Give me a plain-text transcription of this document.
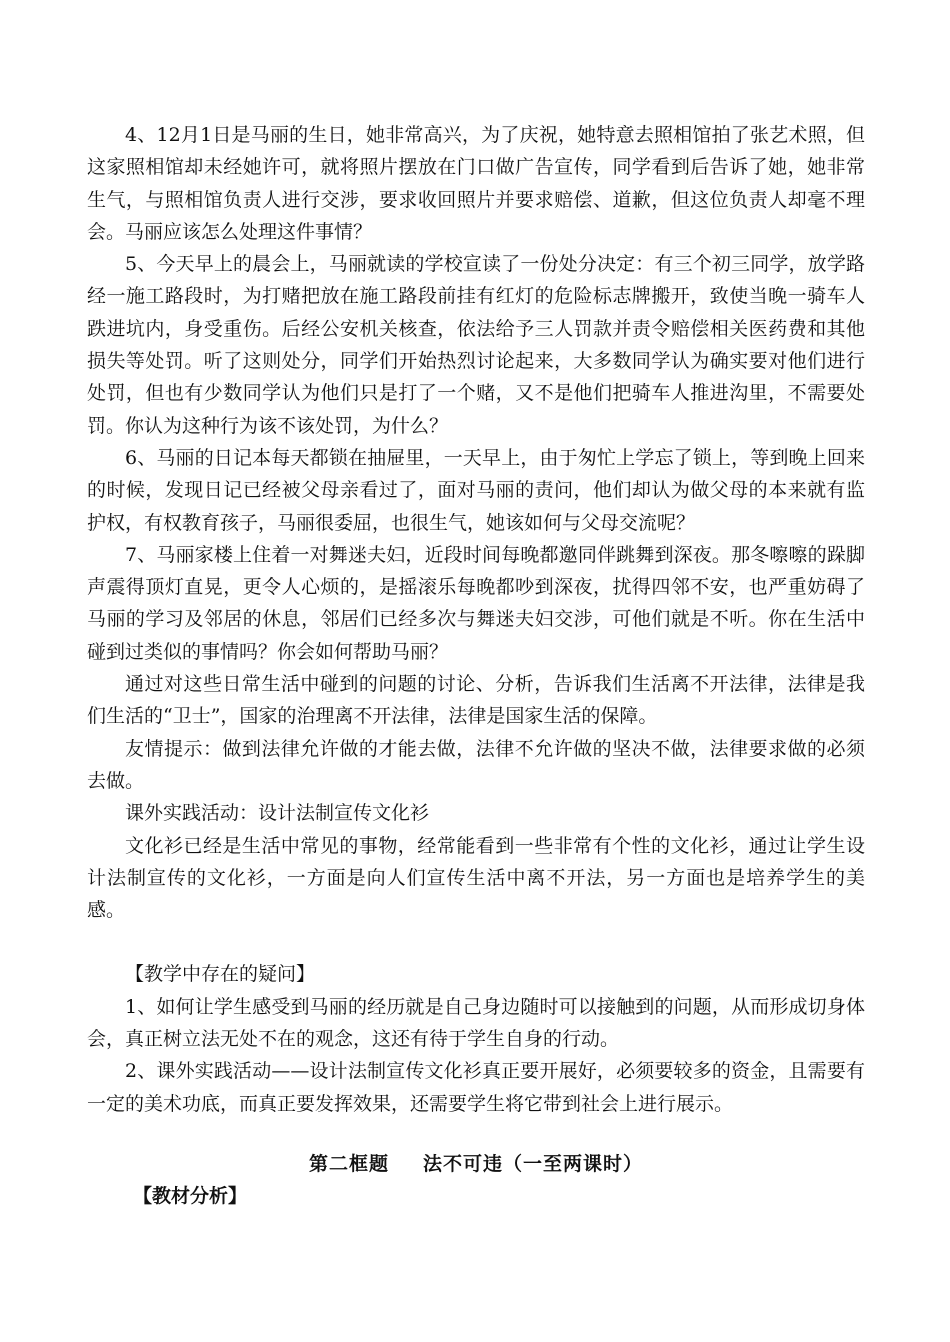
4、12月1日是马丽的生日，她非常高兴，为了庆祝，她特意去照相馆拍了张艺术照，但这家照相馆却未经她许可，就将照片摆放在门口做广告宣传，同学看到后告诉了她，她非常生气，与照相馆负责人进行交涉，要求收回照片并要求赔偿、道歉，但这位负责人却毫不理会。马丽应该怎么处理这件事情？

5、今天早上的晨会上，马丽就读的学校宣读了一份处分决定：有三个初三同学，放学路经一施工路段时，为打赌把放在施工路段前挂有红灯的危险标志牌搬开，致使当晚一骑车人跌进坑内，身受重伤。后经公安机关核查，依法给予三人罚款并责令赔偿相关医药费和其他损失等处罚。听了这则处分，同学们开始热烈讨论起来，大多数同学认为确实要对他们进行处罚，但也有少数同学认为他们只是打了一个赌，又不是他们把骑车人推进沟里，不需要处罚。你认为这种行为该不该处罚，为什么？

6、马丽的日记本每天都锁在抽屉里，一天早上，由于匆忙上学忘了锁上，等到晚上回来的时候，发现日记已经被父母亲看过了，面对马丽的责问，他们却认为做父母的本来就有监护权，有权教育孩子，马丽很委屈，也很生气，她该如何与父母交流呢？

7、马丽家楼上住着一对舞迷夫妇，近段时间每晚都邀同伴跳舞到深夜。那冬嚓嚓的跺脚声震得顶灯直晃，更令人心烦的，是摇滚乐每晚都吵到深夜，扰得四邻不安，也严重妨碍了马丽的学习及邻居的休息，邻居们已经多次与舞迷夫妇交涉，可他们就是不听。你在生活中碰到过类似的事情吗？你会如何帮助马丽？

通过对这些日常生活中碰到的问题的讨论、分析，告诉我们生活离不开法律，法律是我们生活的“卫士”，国家的治理离不开法律，法律是国家生活的保障。

友情提示：做到法律允许做的才能去做，法律不允许做的坚决不做，法律要求做的必须去做。

课外实践活动：设计法制宣传文化衫

文化衫已经是生活中常见的事物，经常能看到一些非常有个性的文化衫，通过让学生设计法制宣传的文化衫，一方面是向人们宣传生活中离不开法，另一方面也是培养学生的美感。

【教学中存在的疑问】

1、如何让学生感受到马丽的经历就是自己身边随时可以接触到的问题，从而形成切身体会，真正树立法无处不在的观念，这还有待于学生自身的行动。

2、课外实践活动——设计法制宣传文化衫真正要开展好，必须要较多的资金，且需要有一定的美术功底，而真正要发挥效果，还需要学生将它带到社会上进行展示。

第二框题 法不可违（一至两课时）

【教材分析】
